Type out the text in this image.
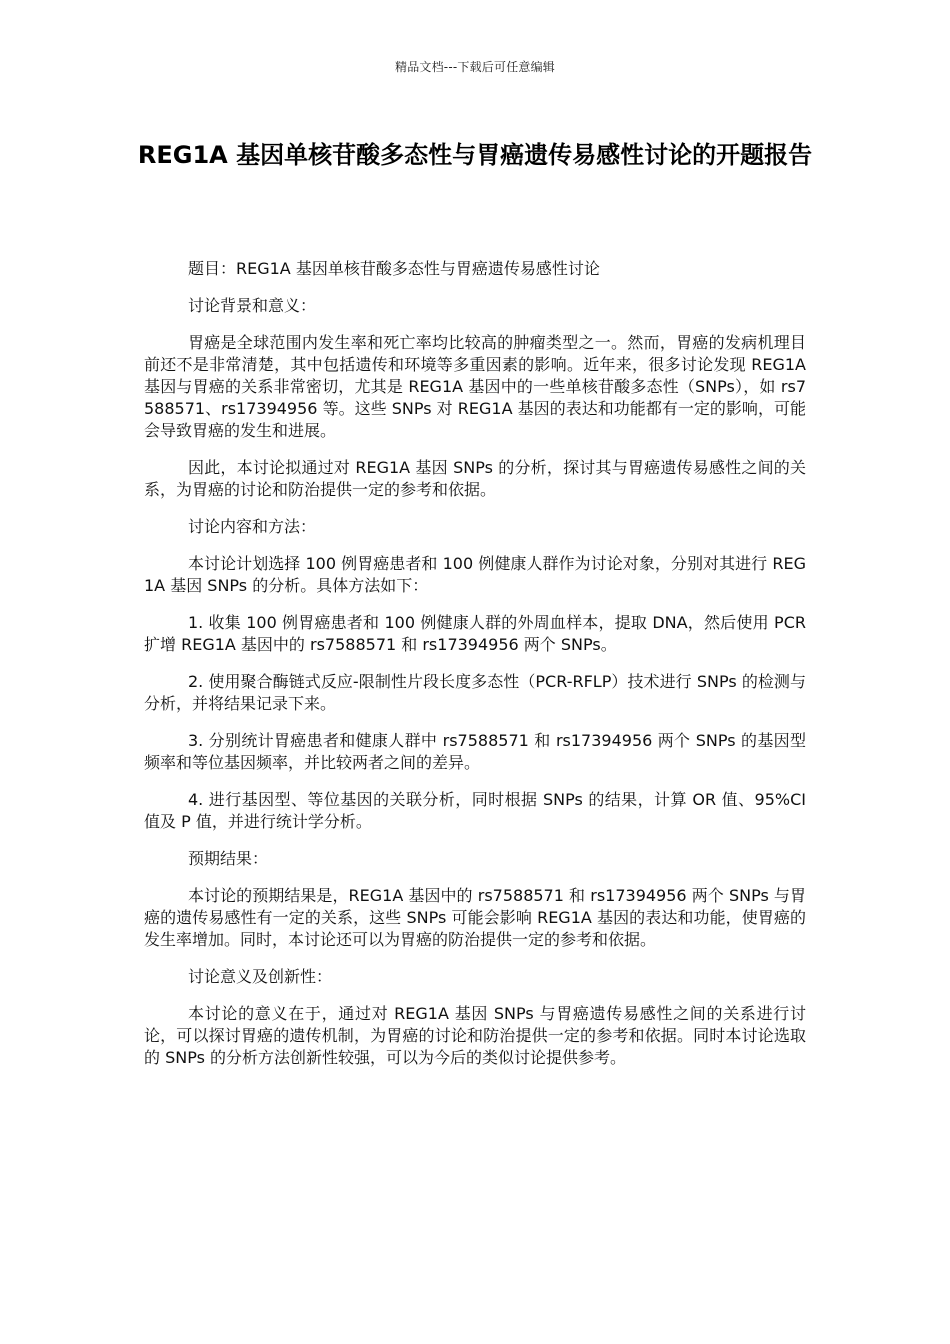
精品文档---下载后可任意编辑
REG1A 基因单核苷酸多态性与胃癌遗传易感性讨论的开题报告

题目：REG1A 基因单核苷酸多态性与胃癌遗传易感性讨论

讨论背景和意义：

胃癌是全球范围内发生率和死亡率均比较高的肿瘤类型之一。然而，胃癌的发病机理目前还不是非常清楚，其中包括遗传和环境等多重因素的影响。近年来，很多讨论发现 REG1A 基因与胃癌的关系非常密切，尤其是 REG1A 基因中的一些单核苷酸多态性（SNPs），如 rs7588571、rs17394956 等。这些 SNPs 对 REG1A 基因的表达和功能都有一定的影响，可能会导致胃癌的发生和进展。

因此，本讨论拟通过对 REG1A 基因 SNPs 的分析，探讨其与胃癌遗传易感性之间的关系，为胃癌的讨论和防治提供一定的参考和依据。

讨论内容和方法：

本讨论计划选择 100 例胃癌患者和 100 例健康人群作为讨论对象，分别对其进行 REG1A 基因 SNPs 的分析。具体方法如下：

1. 收集 100 例胃癌患者和 100 例健康人群的外周血样本，提取 DNA，然后使用 PCR 扩增 REG1A 基因中的 rs7588571 和 rs17394956 两个 SNPs。

2. 使用聚合酶链式反应-限制性片段长度多态性（PCR-RFLP）技术进行 SNPs 的检测与分析，并将结果记录下来。

3. 分别统计胃癌患者和健康人群中 rs7588571 和 rs17394956 两个 SNPs 的基因型频率和等位基因频率，并比较两者之间的差异。

4. 进行基因型、等位基因的关联分析，同时根据 SNPs 的结果，计算 OR 值、95%CI 值及 P 值，并进行统计学分析。

预期结果：

本讨论的预期结果是，REG1A 基因中的 rs7588571 和 rs17394956 两个 SNPs 与胃癌的遗传易感性有一定的关系，这些 SNPs 可能会影响 REG1A 基因的表达和功能，使胃癌的发生率增加。同时，本讨论还可以为胃癌的防治提供一定的参考和依据。

讨论意义及创新性：

本讨论的意义在于，通过对 REG1A 基因 SNPs 与胃癌遗传易感性之间的关系进行讨论，可以探讨胃癌的遗传机制，为胃癌的讨论和防治提供一定的参考和依据。同时本讨论选取的 SNPs 的分析方法创新性较强，可以为今后的类似讨论提供参考。
